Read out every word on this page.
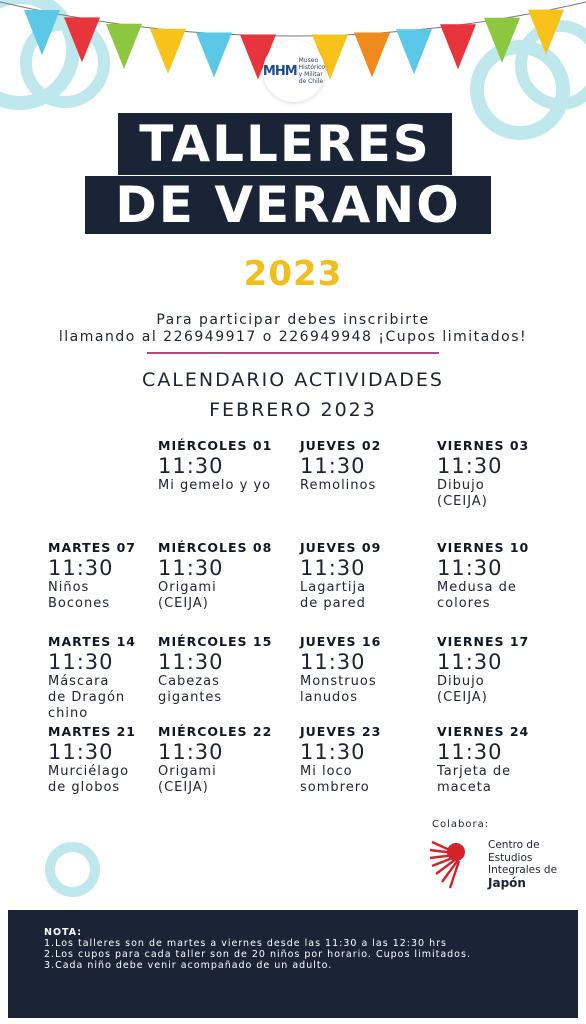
MHM
Museo
Histórico
y Militar
de Chile
TALLERES
DE VERANO
2023
Para participar debes inscribirte
llamando al 226949917 o 226949948 ¡Cupos limitados!
CALENDARIO ACTIVIDADES
FEBRERO 2023
MIÉRCOLES 01
11:30
Mi gemelo y yo
JUEVES 02
11:30
Remolinos
VIERNES 03
11:30
Dibujo
(CEIJA)
MARTES 07
11:30
Niños
Bocones
MIÉRCOLES 08
11:30
Origami
(CEIJA)
JUEVES 09
11:30
Lagartija
de pared
VIERNES 10
11:30
Medusa de
colores
MARTES 14
11:30
Máscara
de Dragón
chino
MIÉRCOLES 15
11:30
Cabezas
gigantes
JUEVES 16
11:30
Monstruos
lanudos
VIERNES 17
11:30
Dibujo
(CEIJA)
MARTES 21
11:30
Murciélago
de globos
MIÉRCOLES 22
11:30
Origami
(CEIJA)
JUEVES 23
11:30
Mi loco
sombrero
VIERNES 24
11:30
Tarjeta de
maceta
Colabora:
Centro de
Estudios
Integrales de
Japón
NOTA:
1.Los talleres son de martes a viernes desde las 11:30 a las 12:30 hrs
2.Los cupos para cada taller son de 20 niños por horario. Cupos limitados.
3.Cada niño debe venir acompañado de un adulto.
